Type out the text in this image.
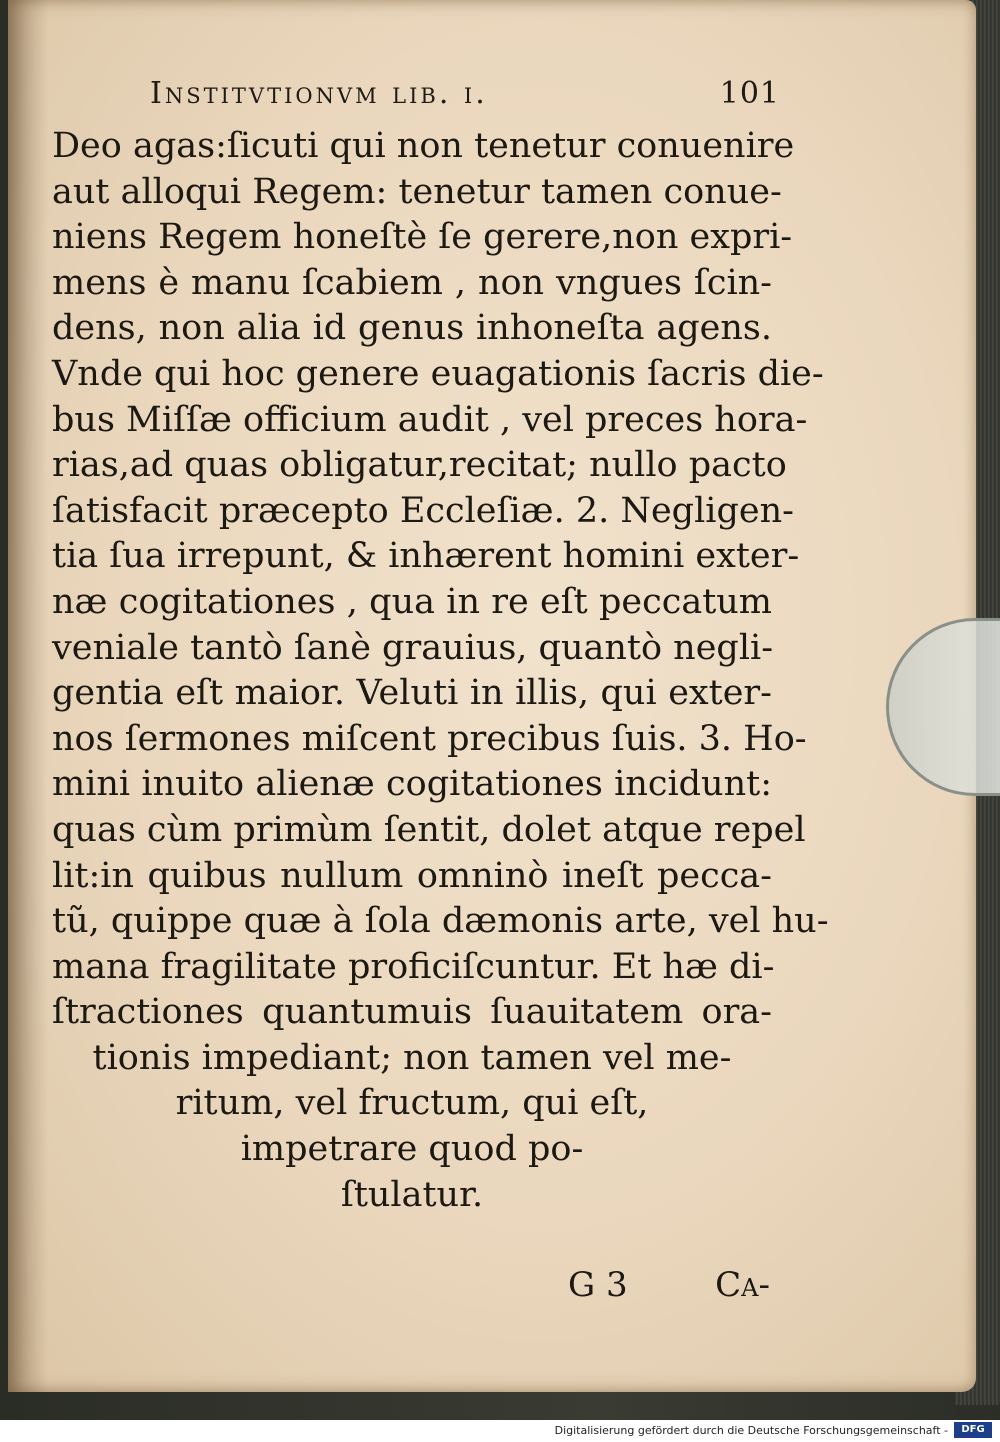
Institvtionvm lib. i.	101
Deo agas:ſicuti qui non tenetur conuenire
aut alloqui Regem: tenetur tamen conue-
niens Regem honeſtè ſe gerere,non expri-
mens è manu ſcabiem , non vngues ſcin-
dens, non alia id genus inhoneſta agens.
Vnde qui hoc genere euagationis ſacris die-
bus Miſſæ officium audit , vel preces hora-
rias,ad quas obligatur,recitat; nullo pacto
ſatisfacit præcepto Eccleſiæ. 2. Negligen-
tia ſua irrepunt, & inhærent homini exter-
næ cogitationes , qua in re eſt peccatum
veniale tantò ſanè grauius, quantò negli-
gentia eſt maior. Veluti in illis, qui exter-
nos ſermones miſcent precibus ſuis. 3. Ho-
mini inuito alienæ cogitationes incidunt:
quas cùm primùm ſentit, dolet atque repel
lit:in quibus nullum omninò ineſt pecca-
tũ, quippe quæ à ſola dæmonis arte, vel hu-
mana fragilitate proficiſcuntur. Et hæ di-
ſtractiones quantumuis ſuauitatem ora-
tionis impediant; non tamen vel me-
ritum, vel fructum, qui eſt,
impetrare quod po-
ſtulatur.
G 3	Ca-
Digitalisierung gefördert durch die Deutsche Forschungsgemeinschaft -	DFG
